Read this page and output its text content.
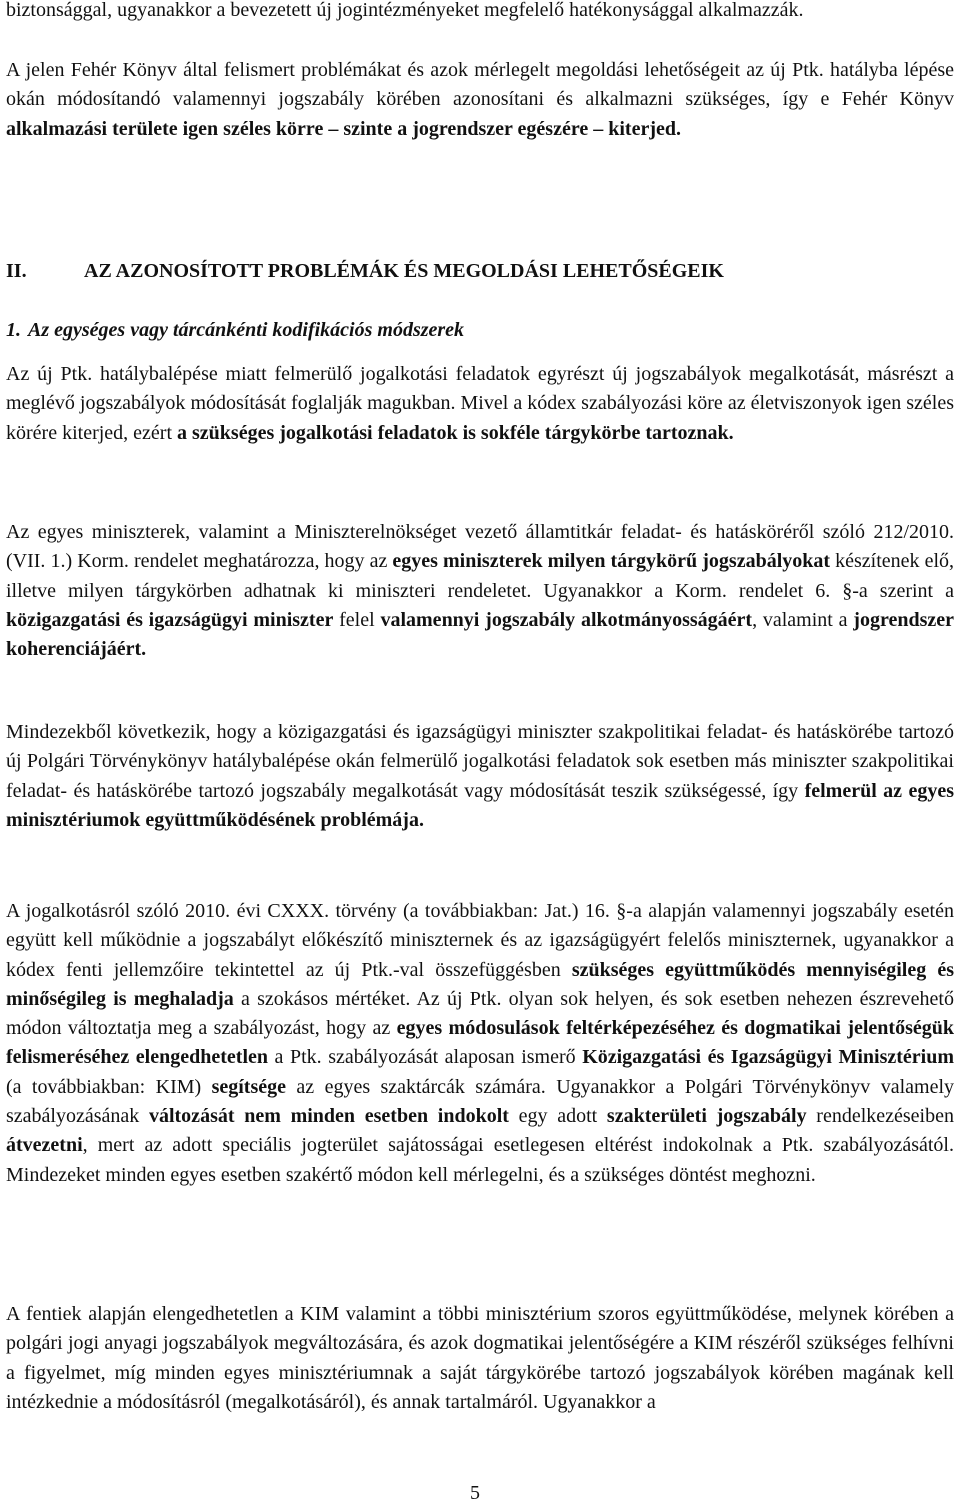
biztonsággal, ugyanakkor a bevezetett új jogintézményeket megfelelő hatékonysággal alkalmazzák.

A jelen Fehér Könyv által felismert problémákat és azok mérlegelt megoldási lehetőségeit az új Ptk. hatályba lépése okán módosítandó valamennyi jogszabály körében azonosítani és alkalmazni szükséges, így e Fehér Könyv alkalmazási területe igen széles körre – szinte a jogrendszer egészére – kiterjed.

II.	AZ AZONOSÍTOTT PROBLÉMÁK ÉS MEGOLDÁSI LEHETŐSÉGEIK
1. Az egységes vagy tárcánkénti kodifikációs módszerek

Az új Ptk. hatálybalépése miatt felmerülő jogalkotási feladatok egyrészt új jogszabályok megalkotását, másrészt a meglévő jogszabályok módosítását foglalják magukban. Mivel a kódex szabályozási köre az életviszonyok igen széles körére kiterjed, ezért a szükséges jogalkotási feladatok is sokféle tárgykörbe tartoznak.

Az egyes miniszterek, valamint a Miniszterelnökséget vezető államtitkár feladat- és hatásköréről szóló 212/2010. (VII. 1.) Korm. rendelet meghatározza, hogy az egyes miniszterek milyen tárgykörű jogszabályokat készítenek elő, illetve milyen tárgykörben adhatnak ki miniszteri rendeletet. Ugyanakkor a Korm. rendelet 6. §-a szerint a közigazgatási és igazságügyi miniszter felel valamennyi jogszabály alkotmányosságáért, valamint a jogrendszer koherenciájáért.

Mindezekből következik, hogy a közigazgatási és igazságügyi miniszter szakpolitikai feladat- és hatáskörébe tartozó új Polgári Törvénykönyv hatálybalépése okán felmerülő jogalkotási feladatok sok esetben más miniszter szakpolitikai feladat- és hatáskörébe tartozó jogszabály megalkotását vagy módosítását teszik szükségessé, így felmerül az egyes minisztériumok együttműködésének problémája.

A jogalkotásról szóló 2010. évi CXXX. törvény (a továbbiakban: Jat.) 16. §-a alapján valamennyi jogszabály esetén együtt kell működnie a jogszabályt előkészítő miniszternek és az igazságügyért felelős miniszternek, ugyanakkor a kódex fenti jellemzőire tekintettel az új Ptk.-val összefüggésben szükséges együttműködés mennyiségileg és minőségileg is meghaladja a szokásos mértéket. Az új Ptk. olyan sok helyen, és sok esetben nehezen észrevehető módon változtatja meg a szabályozást, hogy az egyes módosulások feltérképezéséhez és dogmatikai jelentőségük felismeréséhez elengedhetetlen a Ptk. szabályozását alaposan ismerő Közigazgatási és Igazságügyi Minisztérium (a továbbiakban: KIM) segítsége az egyes szaktárcák számára. Ugyanakkor a Polgári Törvénykönyv valamely szabályozásának változását nem minden esetben indokolt egy adott szakterületi jogszabály rendelkezéseiben átvezetni, mert az adott speciális jogterület sajátosságai esetlegesen eltérést indokolnak a Ptk. szabályozásától. Mindezeket minden egyes esetben szakértő módon kell mérlegelni, és a szükséges döntést meghozni.

A fentiek alapján elengedhetetlen a KIM valamint a többi minisztérium szoros együttműködése, melynek körében a polgári jogi anyagi jogszabályok megváltozására, és azok dogmatikai jelentőségére a KIM részéről szükséges felhívni a figyelmet, míg minden egyes minisztériumnak a saját tárgykörébe tartozó jogszabályok körében magának kell intézkednie a módosításról (megalkotásáról), és annak tartalmáról. Ugyanakkor a

5
